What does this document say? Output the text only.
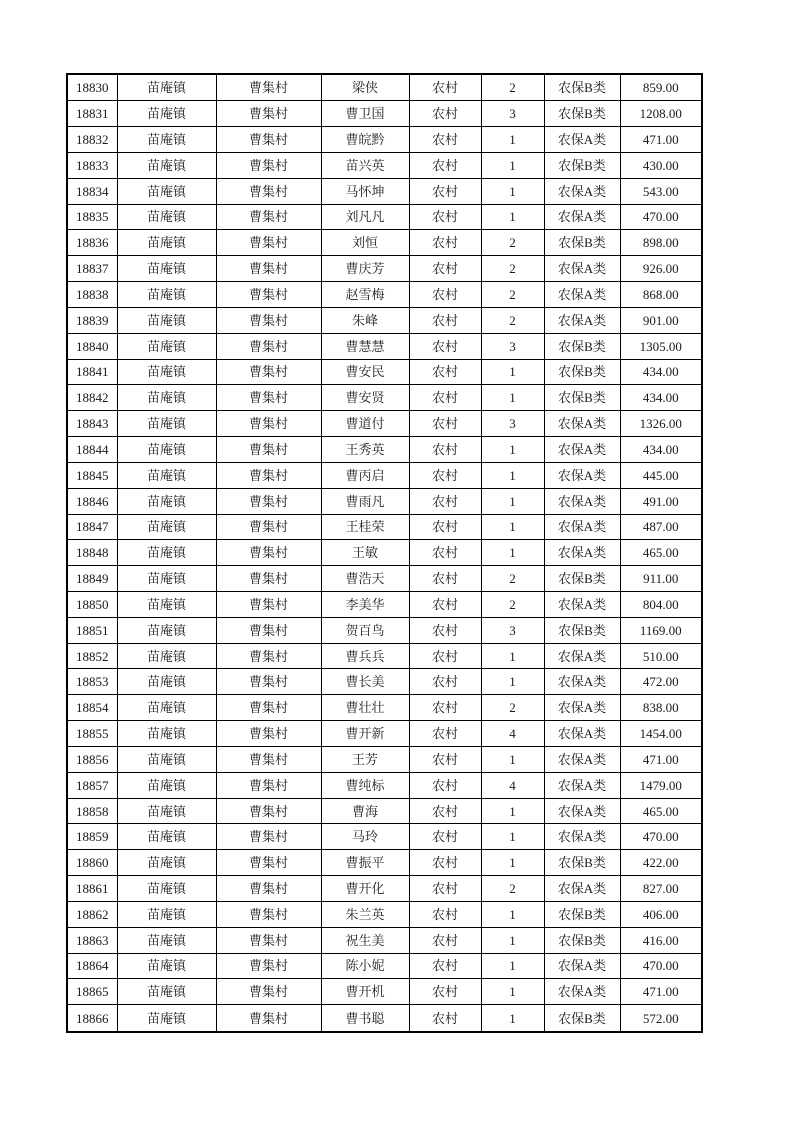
18830	苗庵镇	曹集村	梁侠	农村	2	农保B类	859.00
18831	苗庵镇	曹集村	曹卫国	农村	3	农保B类	1208.00
18832	苗庵镇	曹集村	曹皖黔	农村	1	农保A类	471.00
18833	苗庵镇	曹集村	苗兴英	农村	1	农保B类	430.00
18834	苗庵镇	曹集村	马怀坤	农村	1	农保A类	543.00
18835	苗庵镇	曹集村	刘凡凡	农村	1	农保A类	470.00
18836	苗庵镇	曹集村	刘恒	农村	2	农保B类	898.00
18837	苗庵镇	曹集村	曹庆芳	农村	2	农保A类	926.00
18838	苗庵镇	曹集村	赵雪梅	农村	2	农保A类	868.00
18839	苗庵镇	曹集村	朱峰	农村	2	农保A类	901.00
18840	苗庵镇	曹集村	曹慧慧	农村	3	农保B类	1305.00
18841	苗庵镇	曹集村	曹安民	农村	1	农保B类	434.00
18842	苗庵镇	曹集村	曹安贤	农村	1	农保B类	434.00
18843	苗庵镇	曹集村	曹道付	农村	3	农保A类	1326.00
18844	苗庵镇	曹集村	王秀英	农村	1	农保A类	434.00
18845	苗庵镇	曹集村	曹丙启	农村	1	农保A类	445.00
18846	苗庵镇	曹集村	曹雨凡	农村	1	农保A类	491.00
18847	苗庵镇	曹集村	王桂荣	农村	1	农保A类	487.00
18848	苗庵镇	曹集村	王敏	农村	1	农保A类	465.00
18849	苗庵镇	曹集村	曹浩天	农村	2	农保B类	911.00
18850	苗庵镇	曹集村	李美华	农村	2	农保A类	804.00
18851	苗庵镇	曹集村	贺百鸟	农村	3	农保B类	1169.00
18852	苗庵镇	曹集村	曹兵兵	农村	1	农保A类	510.00
18853	苗庵镇	曹集村	曹长美	农村	1	农保A类	472.00
18854	苗庵镇	曹集村	曹壮壮	农村	2	农保A类	838.00
18855	苗庵镇	曹集村	曹开新	农村	4	农保A类	1454.00
18856	苗庵镇	曹集村	王芳	农村	1	农保A类	471.00
18857	苗庵镇	曹集村	曹纯标	农村	4	农保A类	1479.00
18858	苗庵镇	曹集村	曹海	农村	1	农保A类	465.00
18859	苗庵镇	曹集村	马玲	农村	1	农保A类	470.00
18860	苗庵镇	曹集村	曹振平	农村	1	农保B类	422.00
18861	苗庵镇	曹集村	曹开化	农村	2	农保A类	827.00
18862	苗庵镇	曹集村	朱兰英	农村	1	农保B类	406.00
18863	苗庵镇	曹集村	祝生美	农村	1	农保B类	416.00
18864	苗庵镇	曹集村	陈小妮	农村	1	农保A类	470.00
18865	苗庵镇	曹集村	曹开机	农村	1	农保A类	471.00
18866	苗庵镇	曹集村	曹书聪	农村	1	农保B类	572.00
